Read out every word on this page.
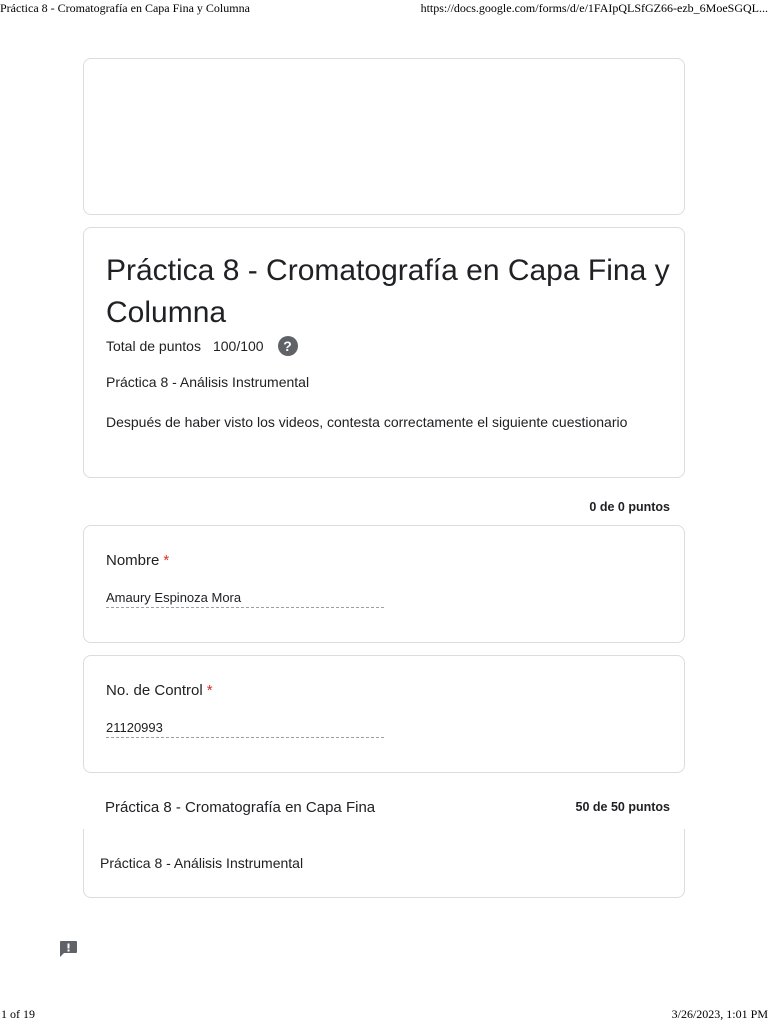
Práctica 8 - Cromatografía en Capa Fina y Columna	https://docs.google.com/forms/d/e/1FAIpQLSfGZ66-ezb_6MoeSGQL...
Práctica 8 - Cromatografía en Capa Fina y Columna
Total de puntos 100/100	?
Práctica 8 - Análisis Instrumental
Después de haber visto los videos, contesta correctamente el siguiente cuestionario
0 de 0 puntos
Nombre *
Amaury Espinoza Mora
No. de Control *
21120993
Práctica 8 - Cromatografía en Capa Fina	50 de 50 puntos
Práctica 8 - Análisis Instrumental
1 of 19	3/26/2023, 1:01 PM
